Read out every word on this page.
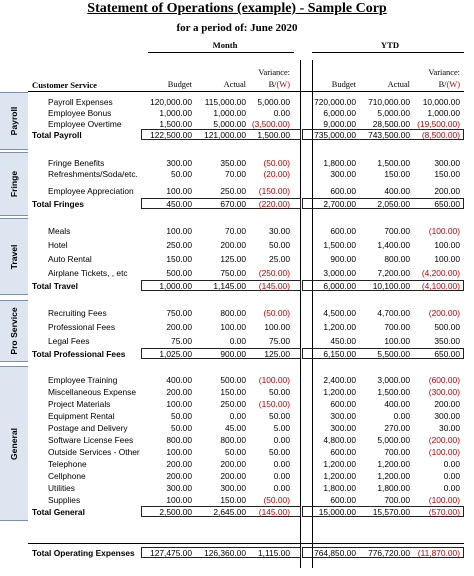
Statement of Operations (example) - Sample Corp
for a period of: June 2020
Month	YTD
Customer Service	Budget	Actual
Variance:
B/(W)	Budget	Actual
Variance:
B/(W)
Payroll
Payroll Expenses	120,000.00	115,000.00	5,000.00	720,000.00	710,000.00	10,000.00
Employee Bonus	1,000.00	1,000.00	0.00	6,000.00	5,000.00	1,000.00
Employee Overtime	1,500.00	5,000.00 (3,500.00)	9,000.00	28,500.00 (19,500.00)
Total Payroll	122,500.00	121,000.00	1,500.00	735,000.00	743,500.00	(8,500.00)
Fringe
Fringe Benefits	300.00	350.00	(50.00)	1,800.00	1,500.00	300.00
Refreshments/Soda/etc.	50.00	70.00	(20.00)	300.00	150.00	150.00
Employee Appreciation	100.00	250.00	(150.00)	600.00	400.00	200.00
Total Fringes	450.00	670.00	(220.00)	2,700.00	2,050.00	650.00
Travel
Meals	100.00	70.00	30.00	600.00	700.00	(100.00)
Hotel	250.00	200.00	50.00	1,500.00	1,400.00	100.00
Auto Rental	150.00	125.00	25.00	900.00	800.00	100.00
Airplane Tickets, , etc	500.00	750.00	(250.00)	3,000.00	7,200.00	(4,200.00)
Total Travel	1,000.00	1,145.00	(145.00)	6,000.00	10,100.00	(4,100.00)
Pro Service	Recruiting Fees	750.00	800.00	(50.00)	4,500.00	4,700.00	(200.00)
Professional Fees	200.00	100.00	100.00	1,200.00	700.00	500.00
Legal Fees	75.00	0.00	75.00	450.00	100.00	350.00
Total Professional Fees	1,025.00	900.00	125.00	6,150.00	5,500.00	650.00
General
Employee Training	400.00	500.00	(100.00)	2,400.00	3,000.00	(600.00)
Miscellaneous Expense	200.00	150.00	50.00	1,200.00	1,500.00	(300.00)
Project Materials	100.00	250.00	(150.00)	600.00	400.00	200.00
Equipment Rental	50.00	0.00	50.00	300.00	0.00	300.00
Postage and Delivery	50.00	45.00	5.00	300.00	270.00	30.00
Software License Fees	800.00	800.00	0.00	4,800.00	5,000.00	(200.00)
Outside Services - Other	100.00	50.00	50.00	600.00	700.00	(100.00)
Telephone	200.00	200.00	0.00	1,200.00	1,200.00	0.00
Cellphone	200.00	200.00	0.00	1,200.00	1,200.00	0.00
Utilities	300.00	300.00	0.00	1,800.00	1,800.00	0.00
Supplies	100.00	150.00	(50.00)	600.00	700.00	(100.00)
Total General	2,500.00	2,645.00	(145.00)	15,000.00	15,570.00	(570.00)
Total Operating Expenses	127,475.00	126,360.00	1,115.00	764,850.00	776,720.00 (11,870.00)
